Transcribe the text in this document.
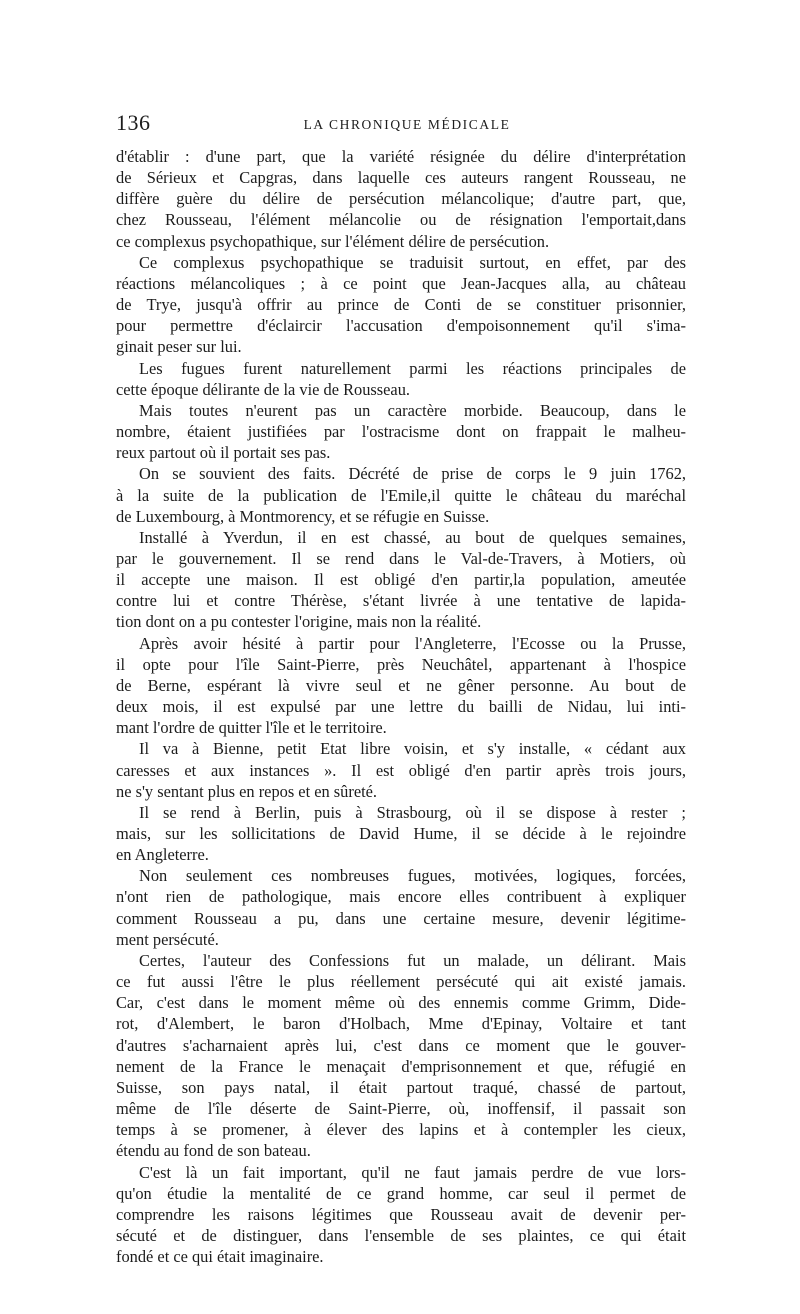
136	LA CHRONIQUE MÉDICALE

d'établir : d'une part, que la variété résignée du délire d'interprétation
de Sérieux et Capgras, dans laquelle ces auteurs rangent Rousseau, ne
diffère guère du délire de persécution mélancolique; d'autre part, que,
chez Rousseau, l'élément mélancolie ou de résignation l'emportait,dans
ce complexus psychopathique, sur l'élément délire de persécution.

Ce complexus psychopathique se traduisit surtout, en effet, par des
réactions mélancoliques ; à ce point que Jean-Jacques alla, au château
de Trye, jusqu'à offrir au prince de Conti de se constituer prisonnier,
pour permettre d'éclaircir l'accusation d'empoisonnement qu'il s'ima-
ginait peser sur lui.

Les fugues furent naturellement parmi les réactions principales de
cette époque délirante de la vie de Rousseau.

Mais toutes n'eurent pas un caractère morbide. Beaucoup, dans le
nombre, étaient justifiées par l'ostracisme dont on frappait le malheu-
reux partout où il portait ses pas.

On se souvient des faits. Décrété de prise de corps le 9 juin 1762,
à la suite de la publication de l'Emile,il quitte le château du maréchal
de Luxembourg, à Montmorency, et se réfugie en Suisse.

Installé à Yverdun, il en est chassé, au bout de quelques semaines,
par le gouvernement. Il se rend dans le Val-de-Travers, à Motiers, où
il accepte une maison. Il est obligé d'en partir,la population, ameutée
contre lui et contre Thérèse, s'étant livrée à une tentative de lapida-
tion dont on a pu contester l'origine, mais non la réalité.

Après avoir hésité à partir pour l'Angleterre, l'Ecosse ou la Prusse,
il opte pour l'île Saint-Pierre, près Neuchâtel, appartenant à l'hospice
de Berne, espérant là vivre seul et ne gêner personne. Au bout de
deux mois, il est expulsé par une lettre du bailli de Nidau, lui inti-
mant l'ordre de quitter l'île et le territoire.

Il va à Bienne, petit Etat libre voisin, et s'y installe, « cédant aux
caresses et aux instances ». Il est obligé d'en partir après trois jours,
ne s'y sentant plus en repos et en sûreté.

Il se rend à Berlin, puis à Strasbourg, où il se dispose à rester ;
mais, sur les sollicitations de David Hume, il se décide à le rejoindre
en Angleterre.

Non seulement ces nombreuses fugues, motivées, logiques, forcées,
n'ont rien de pathologique, mais encore elles contribuent à expliquer
comment Rousseau a pu, dans une certaine mesure, devenir légitime-
ment persécuté.

Certes, l'auteur des Confessions fut un malade, un délirant. Mais
ce fut aussi l'être le plus réellement persécuté qui ait existé jamais.
Car, c'est dans le moment même où des ennemis comme Grimm, Dide-
rot, d'Alembert, le baron d'Holbach, Mme d'Epinay, Voltaire et tant
d'autres s'acharnaient après lui, c'est dans ce moment que le gouver-
nement de la France le menaçait d'emprisonnement et que, réfugié en
Suisse, son pays natal, il était partout traqué, chassé de partout,
même de l'île déserte de Saint-Pierre, où, inoffensif, il passait son
temps à se promener, à élever des lapins et à contempler les cieux,
étendu au fond de son bateau.

C'est là un fait important, qu'il ne faut jamais perdre de vue lors-
qu'on étudie la mentalité de ce grand homme, car seul il permet de
comprendre les raisons légitimes que Rousseau avait de devenir per-
sécuté et de distinguer, dans l'ensemble de ses plaintes, ce qui était
fondé et ce qui était imaginaire.
